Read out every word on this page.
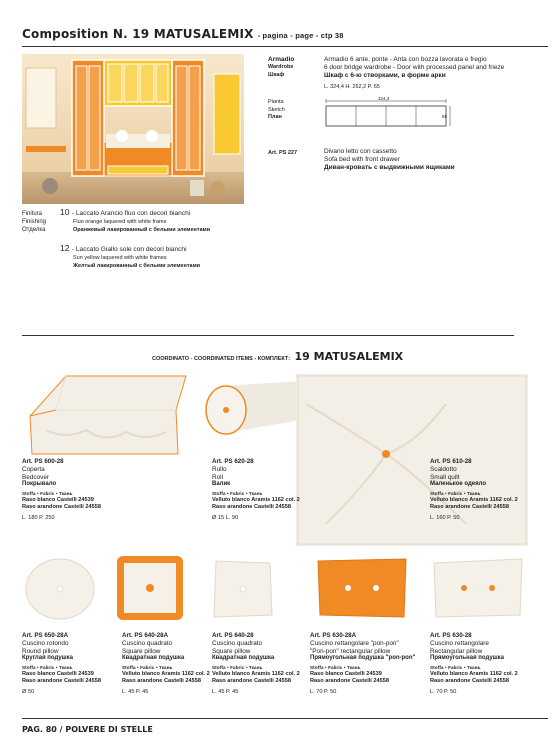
Composition N. 19 MATUSALEMIX - pagina - page - ctp 38
Armadio
Wardrobe
Шкаф
Armadio 6 ante, ponte - Anta con bozza lavorata e fregio
6 door bridge wardrobe - Door with processed panel and frieze
Шкаф с 6-ю створками, в форме арки
L. 324,4 H. 262,2 P. 65
Pianta
Sketch
План
324,4
65
Art. PS 227	Divano letto con cassetto
Sofa bed with front drawer
Диван-кровать с выдвижными ящиками
Finitura
Finishing
Отделка
10 - Laccato Arancio fluo con decori bianchi
Fluo orange laquered with white frame
Оранжевый лакированный с белыми элементами
12 - Laccato Giallo sole con decori bianchi
Sun yellow laquered with white frames
Желтый лакированный с белыми элементами
COORDINATO - COORDINATED ITEMS - КОМПЛЕКТ: 19 MATUSALEMIX
Art. PS 600-28
Coperta
Bedcover
Покрывало
Stoffa • Fabric • Ткань
Raso blanco Castelli 24539
Raso arandone Castelli 24558
L. 180 P. 250
Art. PS 620-28
Rullo
Roll
Валик
Stoffa • Fabric • Ткань
Velluto blanco Aramis 1162 col. 2
Raso arandone Castelli 24558
Ø 15 L. 90
Art. PS 610-28
Scaldotto
Small quilt
Маленькое одеяло
Stoffa • Fabric • Ткань
Velluto blanco Aramis 1162 col. 2
Raso arandone Castelli 24558
L. 160 P. 50
Art. PS 650-28A
Cuscino rotondo
Round pillow
Круглая подушка
Stoffa • Fabric • Ткань
Raso blanco Castelli 24539
Raso arandone Castelli 24558
Ø 50
Art. PS 640-28A
Cuscino quadrato
Square pillow
Квадратная подушка
Stoffa • Fabric • Ткань
Velluto blanco Aramis 1162 col. 2
Raso arandone Castelli 24558
L. 45 P. 45
Art. PS 640-28
Cuscino quadrato
Square pillow
Квадратная подушка
Stoffa • Fabric • Ткань
Velluto blanco Aramis 1162 col. 2
Raso arandone Castelli 24558
L. 45 P. 45
Art. PS 630-28A
Cuscino rettangolare "pon-pon"
"Pon-pon" rectangular pillow
Прямоугольная подушка "pon-pon"
Stoffa • Fabric • Ткань
Raso blanco Castelli 24539
Raso arandone Castelli 24558
L. 70 P. 50
Art. PS 630-28
Cuscino rettangolare
Rectangular pillow
Прямоугольная подушка
Stoffa • Fabric • Ткань
Velluto blanco Aramis 1162 col. 2
Raso arandone Castelli 24558
L. 70 P. 50
PAG. 80 / POLVERE DI STELLE
